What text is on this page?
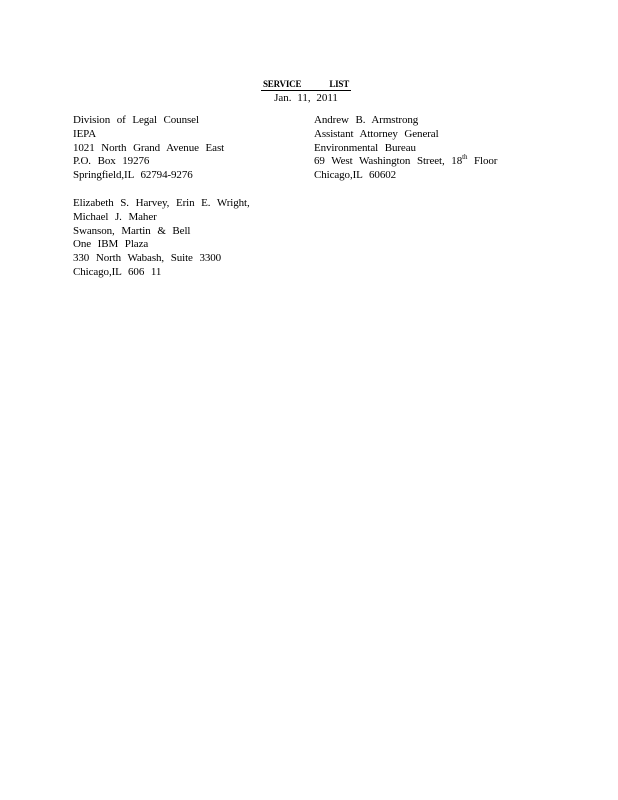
SERVICE LIST
Jan. 11, 2011
Division of Legal Counsel
IEPA
1021 North Grand Avenue East
P.O. Box 19276
Springfield,IL 62794-9276
Andrew B. Armstrong
Assistant Attorney General
Environmental Bureau
69 West Washington Street, 18th Floor
Chicago,IL 60602
Elizabeth S. Harvey, Erin E. Wright,
Michael J. Maher
Swanson, Martin & Bell
One IBM Plaza
330 North Wabash, Suite 3300
Chicago,IL 606 11
